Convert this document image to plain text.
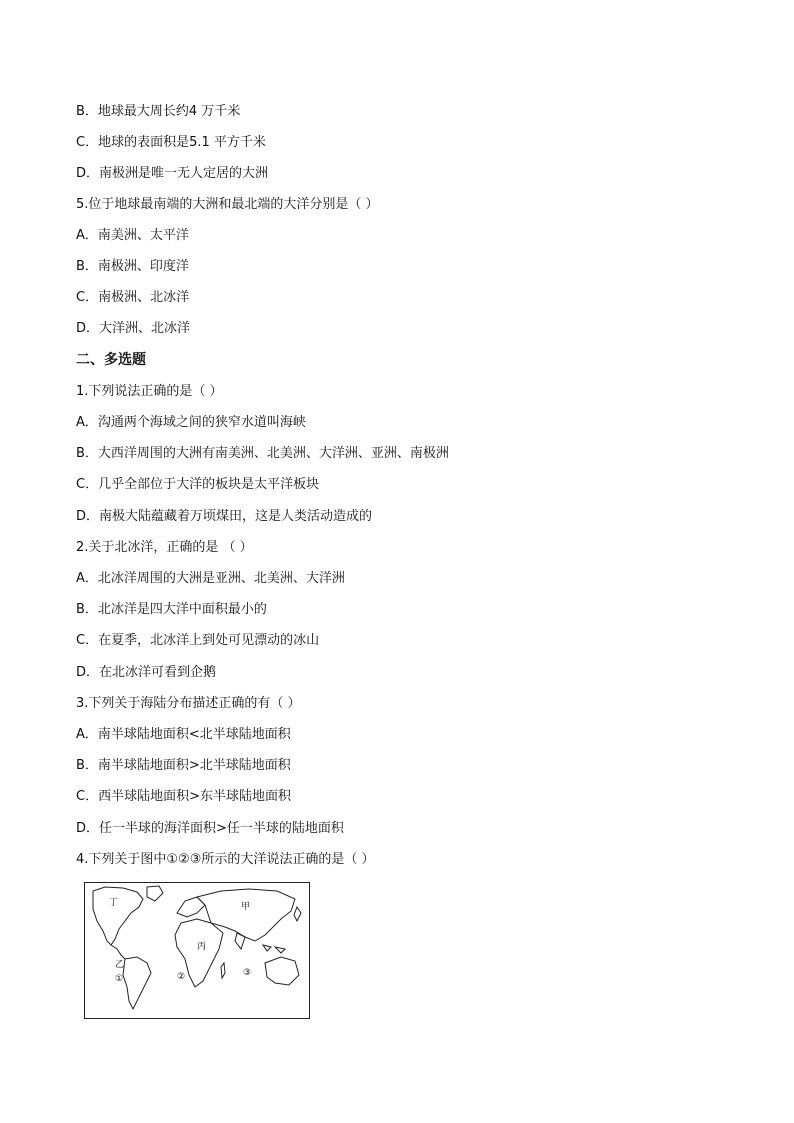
B．地球最大周长约4 万千米
C．地球的表面积是5.1 平方千米
D．南极洲是唯一无人定居的大洲
5.位于地球最南端的大洲和最北端的大洋分别是（ ）
A．南美洲、太平洋
B．南极洲、印度洋
C．南极洲、北冰洋
D．大洋洲、北冰洋
二、多选题
1.下列说法正确的是（ ）
A．沟通两个海域之间的狭窄水道叫海峡
B．大西洋周围的大洲有南美洲、北美洲、大洋洲、亚洲、南极洲
C．几乎全部位于大洋的板块是太平洋板块
D．南极大陆蕴藏着万顷煤田，这是人类活动造成的
2.关于北冰洋，正确的是 （ ）
A．北冰洋周围的大洲是亚洲、北美洲、大洋洲
B．北冰洋是四大洋中面积最小的
C．在夏季，北冰洋上到处可见漂动的冰山
D．在北冰洋可看到企鹅
3.下列关于海陆分布描述正确的有（ ）
A．南半球陆地面积<北半球陆地面积
B．南半球陆地面积>北半球陆地面积
C．西半球陆地面积>东半球陆地面积
D．任一半球的海洋面积>任一半球的陆地面积
4.下列关于图中①②③所示的大洋说法正确的是（ ）
丁	甲
丙
乙
①	②	③
